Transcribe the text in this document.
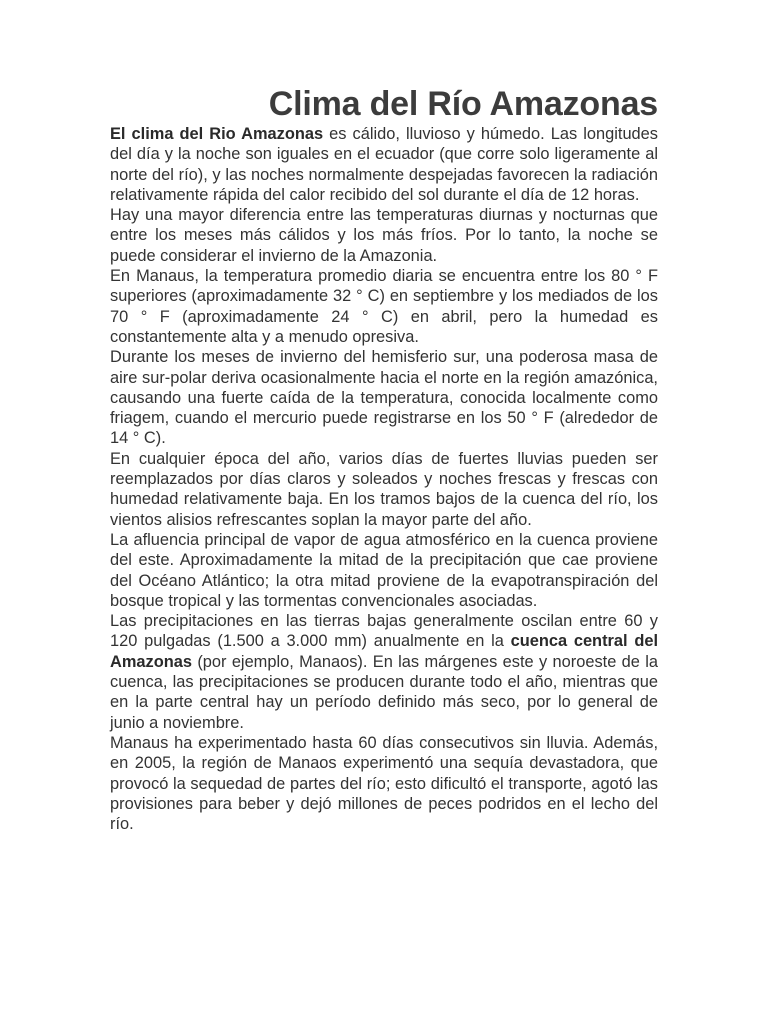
Clima del Río Amazonas

El clima del Rio Amazonas es cálido, lluvioso y húmedo. Las longitudes del día y la noche son iguales en el ecuador (que corre solo ligeramente al norte del río), y las noches normalmente despejadas favorecen la radiación relativamente rápida del calor recibido del sol durante el día de 12 horas.

Hay una mayor diferencia entre las temperaturas diurnas y nocturnas que entre los meses más cálidos y los más fríos. Por lo tanto, la noche se puede considerar el invierno de la Amazonia.

En Manaus, la temperatura promedio diaria se encuentra entre los 80 ° F superiores (aproximadamente 32 ° C) en septiembre y los mediados de los 70 ° F (aproximadamente 24 ° C) en abril, pero la humedad es constantemente alta y a menudo opresiva.

Durante los meses de invierno del hemisferio sur, una poderosa masa de aire sur-polar deriva ocasionalmente hacia el norte en la región amazónica, causando una fuerte caída de la temperatura, conocida localmente como friagem, cuando el mercurio puede registrarse en los 50 ° F (alrededor de 14 ° C).

En cualquier época del año, varios días de fuertes lluvias pueden ser reemplazados por días claros y soleados y noches frescas y frescas con humedad relativamente baja. En los tramos bajos de la cuenca del río, los vientos alisios refrescantes soplan la mayor parte del año.

La afluencia principal de vapor de agua atmosférico en la cuenca proviene del este. Aproximadamente la mitad de la precipitación que cae proviene del Océano Atlántico; la otra mitad proviene de la evapotranspiración del bosque tropical y las tormentas convencionales asociadas.

Las precipitaciones en las tierras bajas generalmente oscilan entre 60 y 120 pulgadas (1.500 a 3.000 mm) anualmente en la cuenca central del Amazonas (por ejemplo, Manaos). En las márgenes este y noroeste de la cuenca, las precipitaciones se producen durante todo el año, mientras que en la parte central hay un período definido más seco, por lo general de junio a noviembre.

Manaus ha experimentado hasta 60 días consecutivos sin lluvia. Además, en 2005, la región de Manaos experimentó una sequía devastadora, que provocó la sequedad de partes del río; esto dificultó el transporte, agotó las provisiones para beber y dejó millones de peces podridos en el lecho del río.
